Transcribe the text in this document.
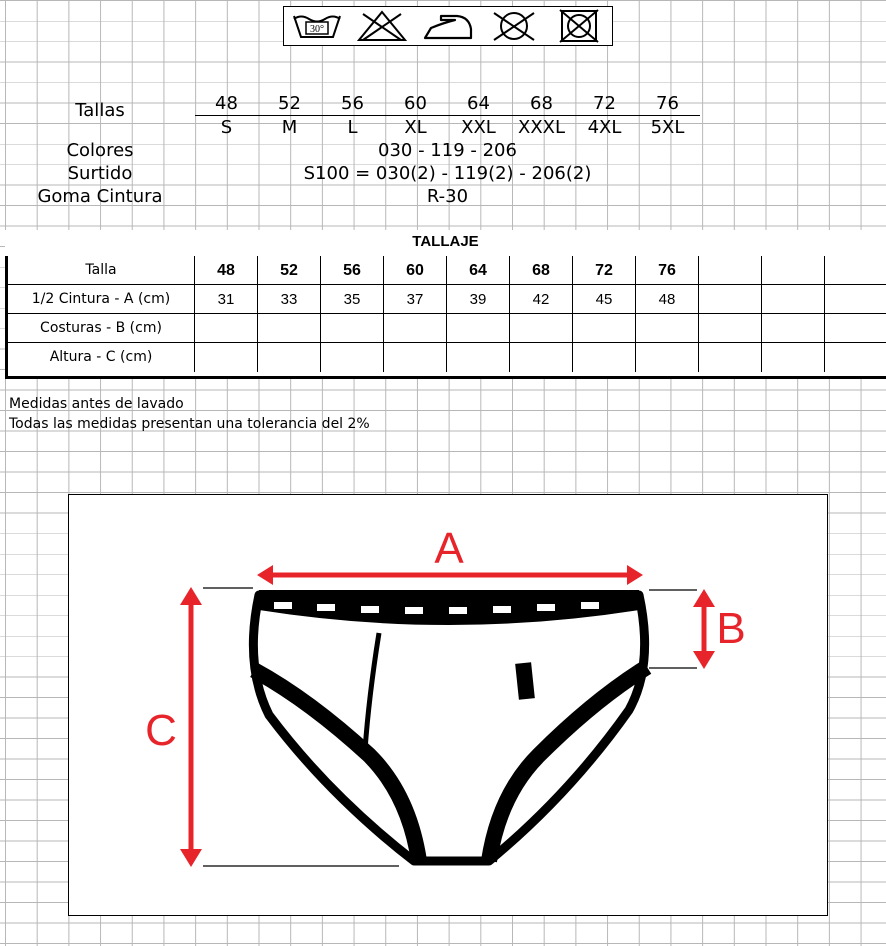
30°
Tallas
Colores	030 - 119 - 206
Surtido	S100 = 030(2) - 119(2) - 206(2)
Goma Cintura	R-30
48	52	56	60	64	68	72	76
S	M	L	XL	XXL	XXXL	4XL	5XL
TALLAJE
Talla	48	52	56	60	64	68	72	76
1/2 Cintura - A (cm)	31	33	35	37	39	42	45	48
Costuras - B (cm)
Altura - C (cm)
Medidas antes de lavado
Todas las medidas presentan una tolerancia del 2%
A
B
C
